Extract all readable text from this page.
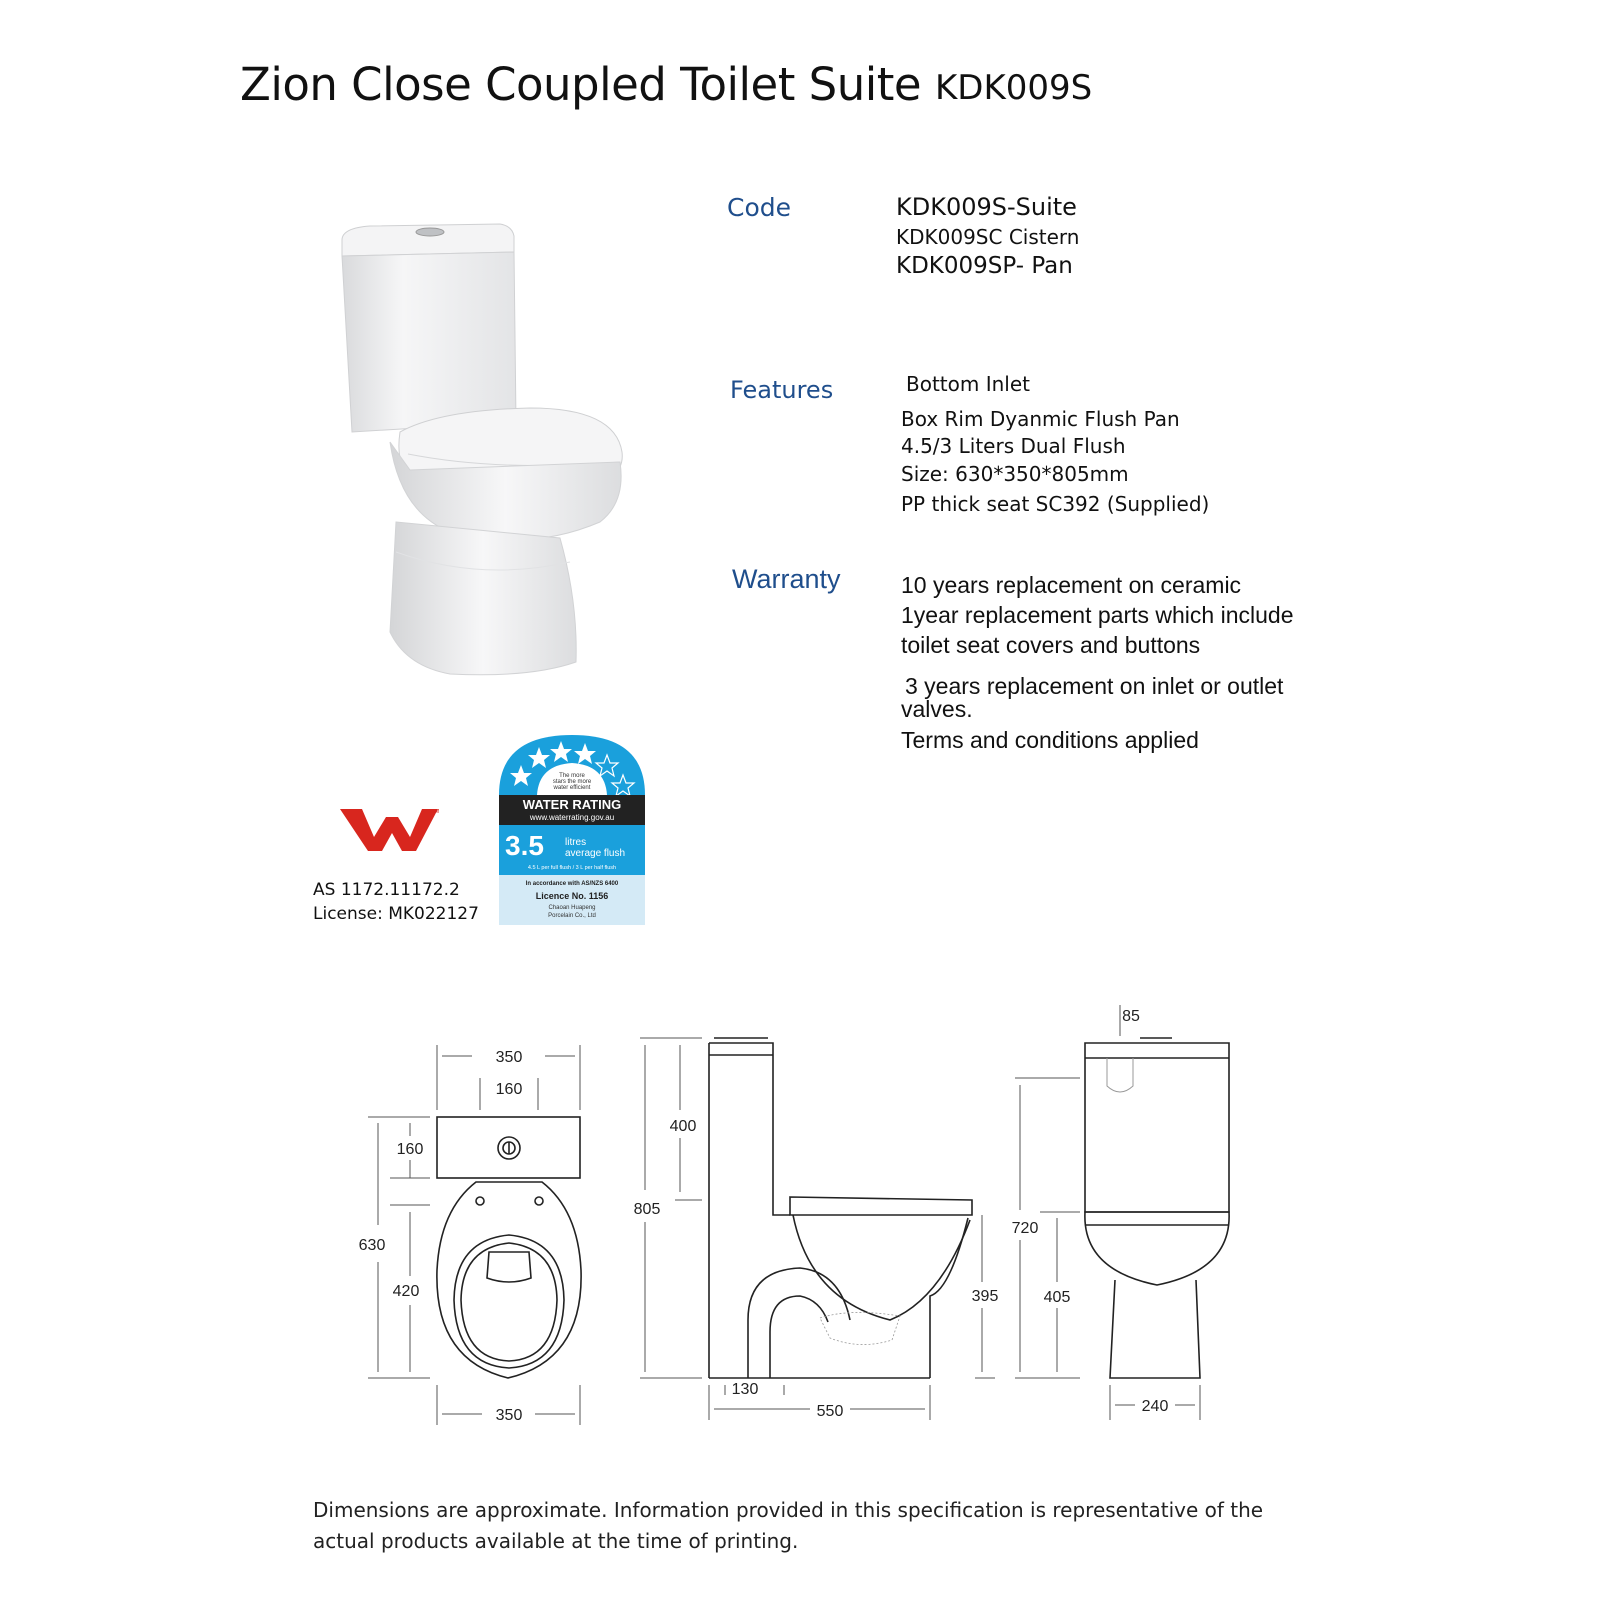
Zion Close Coupled Toilet Suite KDK009S
Code	KDK009S-Suite
KDK009SC Cistern
KDK009SP- Pan
Features	Bottom Inlet
Box Rim Dyanmic Flush Pan
4.5/3 Liters Dual Flush
Size: 630*350*805mm
PP thick seat SC392 (Supplied)
Warranty	10 years replacement on ceramic
1year replacement parts which include
toilet seat covers and buttons
3 years replacement on inlet or outlet
valves.
Terms and conditions applied
TM
AS 1172.11172.2
License: MK022127
The more
stars the more
water efficient
WATER RATING
www.waterrating.gov.au
3.5 litres
average flush
4.5 L per full flush / 3 L per half flush
In accordance with AS/NZS 6400
Licence No. 1156
Chaoan Huapeng
Porcelain Co., Ltd
350
160
160
630
420
350
400
805
395
130
550
85
720
405
240
Dimensions are approximate. Information provided in this specification is representative of the
actual products available at the time of printing.
